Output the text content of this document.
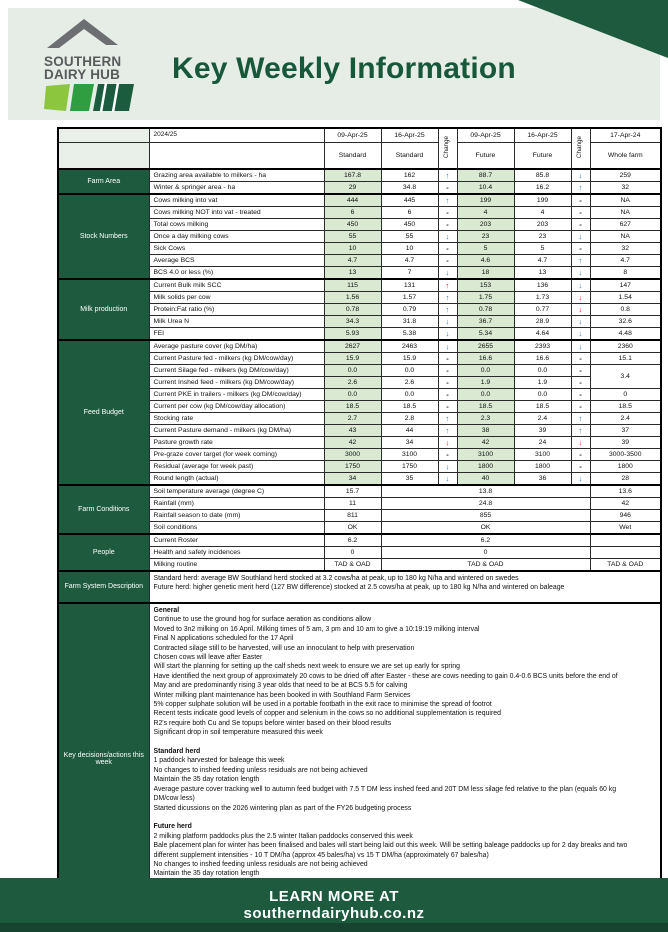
SOUTHERN
DAIRY HUB	Key Weekly Information
	2024/25	09-Apr-25	16-Apr-25	Change	09-Apr-25	16-Apr-25	Change	17-Apr-24
		Standard	Standard		Future	Future		Whole farm
Farm Area	Grazing area available to milkers - ha	167.8	162	↑	88.7	85.8	↓	259
	Winter & springer area - ha	29	34.8	-	10.4	16.2	↑	32
Stock Numbers	Cows milking into vat	444	445	↑	199	199	-	NA
	Cows milking NOT into vat - treated	6	6	-	4	4	-	NA
	Total cows milking	450	450	-	203	203	-	627
	Once a day milking cows	55	55	↓	23	23	↓	NA
	Sick Cows	10	10	-	5	5	-	32
	Average BCS	4.7	4.7	-	4.6	4.7	↑	4.7
	BCS 4.0 or less (%)	13	7	↓	18	13	↓	8
Milk production	Current Bulk milk SCC	115	131	↑	153	136	↓	147
	Milk solids per cow	1.56	1.57	↑	1.75	1.73	↓	1.54
	Protein:Fat ratio (%)	0.78	0.79	↑	0.78	0.77	↓	0.8
	Milk Urea N	34.3	31.8	↓	36.7	28.9	↓	32.6
	FEI	5.93	5.38	↓	5.34	4.64	↓	4.48
Feed Budget	Average pasture cover (kg DM/ha)	2627	2463	↓	2655	2393	↓	2360
	Current Pasture fed - milkers (kg DM/cow/day)	15.9	15.9	-	16.6	16.6	-	15.1
	Current Silage fed - milkers (kg DM/cow/day)	0.0	0.0	-	0.0	0.0	-	3.4
	Current Inshed feed - milkers (kg DM/cow/day)	2.6	2.6	-	1.9	1.9	-	
	Current PKE in trailers - milkers (kg DM/cow/day)	0.0	0.0	-	0.0	0.0	-	0
	Current per cow (kg DM/cow/day allocation)	18.5	18.5	-	18.5	18.5	-	18.5
	Stocking rate	2.7	2.8	↑	2.3	2.4	↑	2.4
	Current Pasture demand - milkers (kg DM/ha)	43	44	↑	38	39	↑	37
	Pasture growth rate	42	34	↓	42	24	↓	39
	Pre-graze cover target (for week coming)	3000	3100	-	3100	3100	-	3000-3500
	Residual (average for week past)	1750	1750	↓	1800	1800	-	1800
	Round length (actual)	34	35	↓	40	36	↓	28
Farm Conditions	Soil temperature average (degree C)	15.7	13.8					13.6
	Rainfall (mm)	11	24.8					42
	Rainfall season to date (mm)	811	855					946
	Soil conditions	OK	OK					Wet
People	Current Roster	6.2	6.2					
	Health and safety incidences	0	0					
	Milking routine	TAD & OAD	TAD & OAD					TAD & OAD
Farm System Description	Standard herd: average BW Southland herd stocked at 3.2 cows/ha at peak, up to 180 kg N/ha and wintered on swedes
Future herd: higher genetic merit herd (127 BW difference) stocked at 2.5 cows/ha at peak, up to 180 kg N/ha and wintered on baleage							

Key decisions/actions this week	
General
Continue to use the ground hog for surface aeration as conditions allow
Moved to 3n2 milking on 16 April. Milking times of 5 am, 3 pm and 10 am to give a 10:19:19 milking interval
Final N applications scheduled for the 17 April
Contracted silage still to be harvested, will use an innoculant to help with preservation
Chosen cows will leave after Easter
Will start the planning for setting up the calf sheds next week to ensure we are set up early for spring
Have identified the next group of approximately 20 cows to be dried off after Easter - these are cows needing to gain 0.4-0.6 BCS units before the end of
May and are predominantly rising 3 year olds that need to be at BCS 5.5 for calving
Winter milking plant maintenance has been booked in with Southland Farm Services
5% copper sulphate solution will be used in a portable footbath in the exit race to minimise the spread of footrot
Recent tests indicate good levels of copper and selenium in the cows so no additional supplementation is required
R2's require both Cu and Se topups before winter based on their blood results
Significant drop in soil temperature measured this week
Standard herd
1 paddock harvested for baleage this week
No changes to inshed feeding unless residuals are not being achieved
Maintain the 35 day rotation length
Average pasture cover tracking well to autumn feed budget with 7.5 T DM less inshed feed and 20T DM less silage fed relative to the plan (equals 60 kg
DM/cow less)
Started dicussions on the 2026 wintering plan as part of the FY26 budgeting process
Future herd
2 milking platform paddocks plus the 2.5 winter Italian paddocks conserved this week
Bale placement plan for winter has been finalised and bales will start being laid out this week. Will be setting baleage paddocks up for 2 day breaks and two
different supplement intensities - 10 T DM/ha (approx 45 bales/ha) vs 15 T DM/ha (approximately 67 bales/ha)
No changes to inshed feeding unless residuals are not being achieved
Maintain the 35 day rotation length
LEARN MORE AT
southerndairyhub.co.nz
